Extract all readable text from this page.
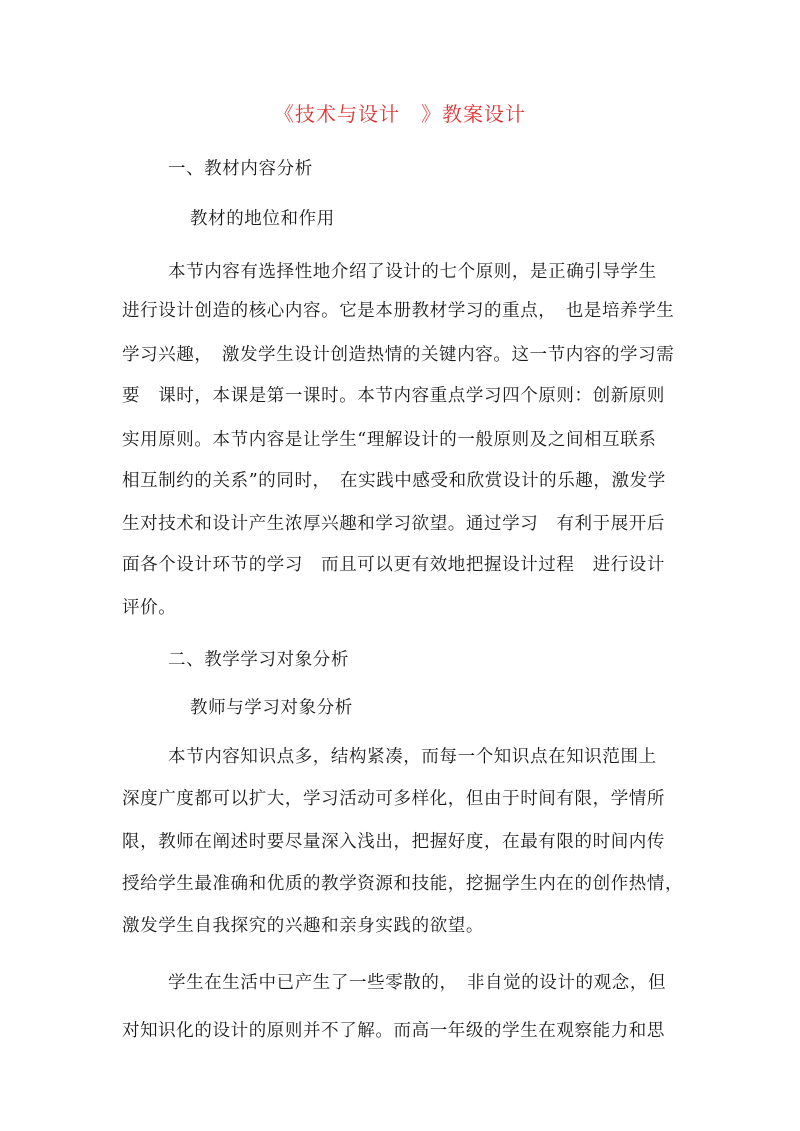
《技术与设计　》教案设计
一、教材内容分析
教材的地位和作用
本节内容有选择性地介绍了设计的七个原则，是正确引导学生
进行设计创造的核心内容。它是本册教材学习的重点，　也是培养学生
学习兴趣，　激发学生设计创造热情的关键内容。这一节内容的学习需
要　课时，本课是第一课时。本节内容重点学习四个原则：创新原则
实用原则。本节内容是让学生“理解设计的一般原则及之间相互联系
相互制约的关系”的同时，　在实践中感受和欣赏设计的乐趣，激发学
生对技术和设计产生浓厚兴趣和学习欲望。通过学习　有利于展开后
面各个设计环节的学习　而且可以更有效地把握设计过程　进行设计
评价。
二、教学学习对象分析
教师与学习对象分析
本节内容知识点多，结构紧凑，而每一个知识点在知识范围上
深度广度都可以扩大，学习活动可多样化，但由于时间有限，学情所
限，教师在阐述时要尽量深入浅出，把握好度，在最有限的时间内传
授给学生最准确和优质的教学资源和技能，挖掘学生内在的创作热情，
激发学生自我探究的兴趣和亲身实践的欲望。
学生在生活中已产生了一些零散的，　非自觉的设计的观念，但
对知识化的设计的原则并不了解。而高一年级的学生在观察能力和思
